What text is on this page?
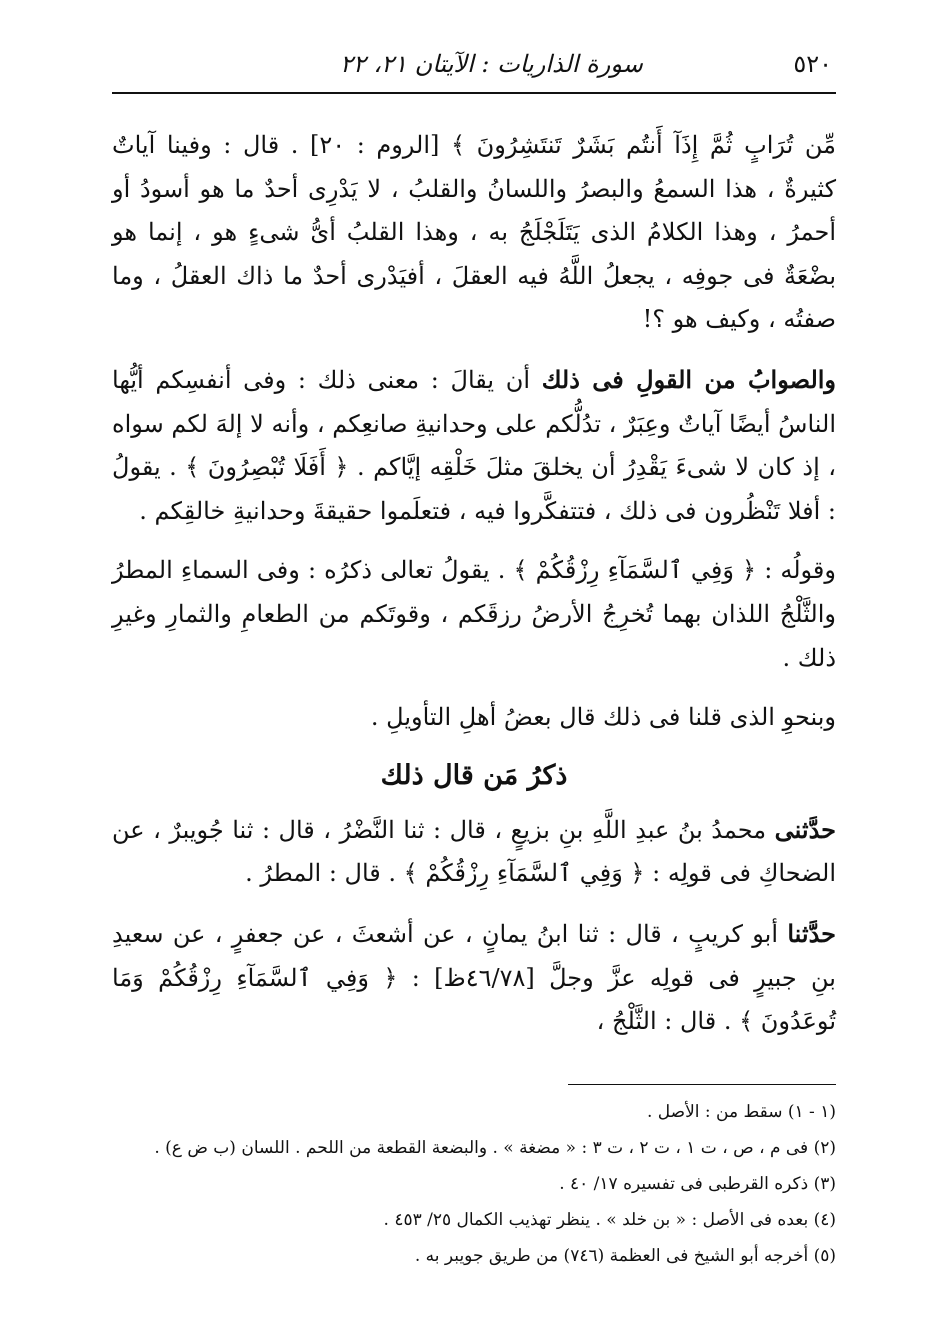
٥٢٠
سورة الذاريات : الآيتان ٢١، ٢٢

مِّن تُرَابٍ ثُمَّ إِذَآ أَنتُم بَشَرٌ تَنتَشِرُونَ ﴾ [الروم : ٢٠] . قال : وفينا آياتٌ كثيرةٌ ، هذا السمعُ والبصرُ واللسانُ والقلبُ ، لا يَدْرِى أحدٌ ما هو أسودُ أو أحمرُ ، وهذا الكلامُ الذى يَتَلَجْلَجُ به ، وهذا القلبُ أىُّ شىءٍ هو ، إنما هو بضْعَةٌ فى جوفِه ، يجعلُ اللَّهُ فيه العقلَ ، أفيَدْرى أحدٌ ما ذاك العقلُ ، وما صفتُه ، وكيف هو ؟!

والصوابُ من القولِ فى ذلك أن يقالَ : معنى ذلك : وفى أنفسِكم أيُّها الناسُ أيضًا آياتٌ وعِبَرٌ ، تدُلُّكم على وحدانيةِ صانعِكم ، وأنه لا إلهَ لكم سواه ، إذ كان لا شىءَ يَقْدِرُ أن يخلقَ مثلَ خَلْقِه إيَّاكم . ﴿ أَفَلَا تُبْصِرُونَ ﴾ . يقولُ : أفلا تَنْظُرون فى ذلك ، فتتفكَّروا فيه ، فتعلَموا حقيقةَ وحدانيةِ خالقِكم .

وقولُه : ﴿ وَفِي ٱلسَّمَآءِ رِزْقُكُمْ ﴾ . يقولُ تعالى ذكرُه : وفى السماءِ المطرُ والثَّلْجُ اللذان بهما تُخرِجُ الأرضُ رزقَكم ، وقوتَكم من الطعامِ والثمارِ وغيرِ ذلك .

وبنحوِ الذى قلنا فى ذلك قال بعضُ أهلِ التأويلِ .

ذكرُ مَن قال ذلك

حدَّثنى محمدُ بنُ عبدِ اللَّهِ بنِ بزيعٍ ، قال : ثنا النَّضْرُ ، قال : ثنا جُويبرٌ ، عن الضحاكِ فى قولِه : ﴿ وَفِي ٱلسَّمَآءِ رِزْقُكُمْ ﴾ . قال : المطرُ .

حدَّثنا أبو كريبٍ ، قال : ثنا ابنُ يمانٍ ، عن أشعثَ ، عن جعفرٍ ، عن سعيدِ بنِ جبيرٍ فى قولِه عزَّ وجلَّ [٤٦/٧٨ظ] : ﴿ وَفِي ٱلسَّمَآءِ رِزْقُكُمْ وَمَا تُوعَدُونَ ﴾ . قال : الثَّلْجُ ،

(١ - ١) سقط من : الأصل .
(٢) فى م ، ص ، ت ١ ، ت ٢ ، ت ٣ : « مضغة » . والبضعة القطعة من اللحم . اللسان (ب ض ع) .
(٣) ذكره القرطبى فى تفسيره ١٧/ ٤٠ .
(٤) بعده فى الأصل : « بن خلد » . ينظر تهذيب الكمال ٢٥/ ٤٥٣ .
(٥) أخرجه أبو الشيخ فى العظمة (٧٤٦) من طريق جويبر به .
